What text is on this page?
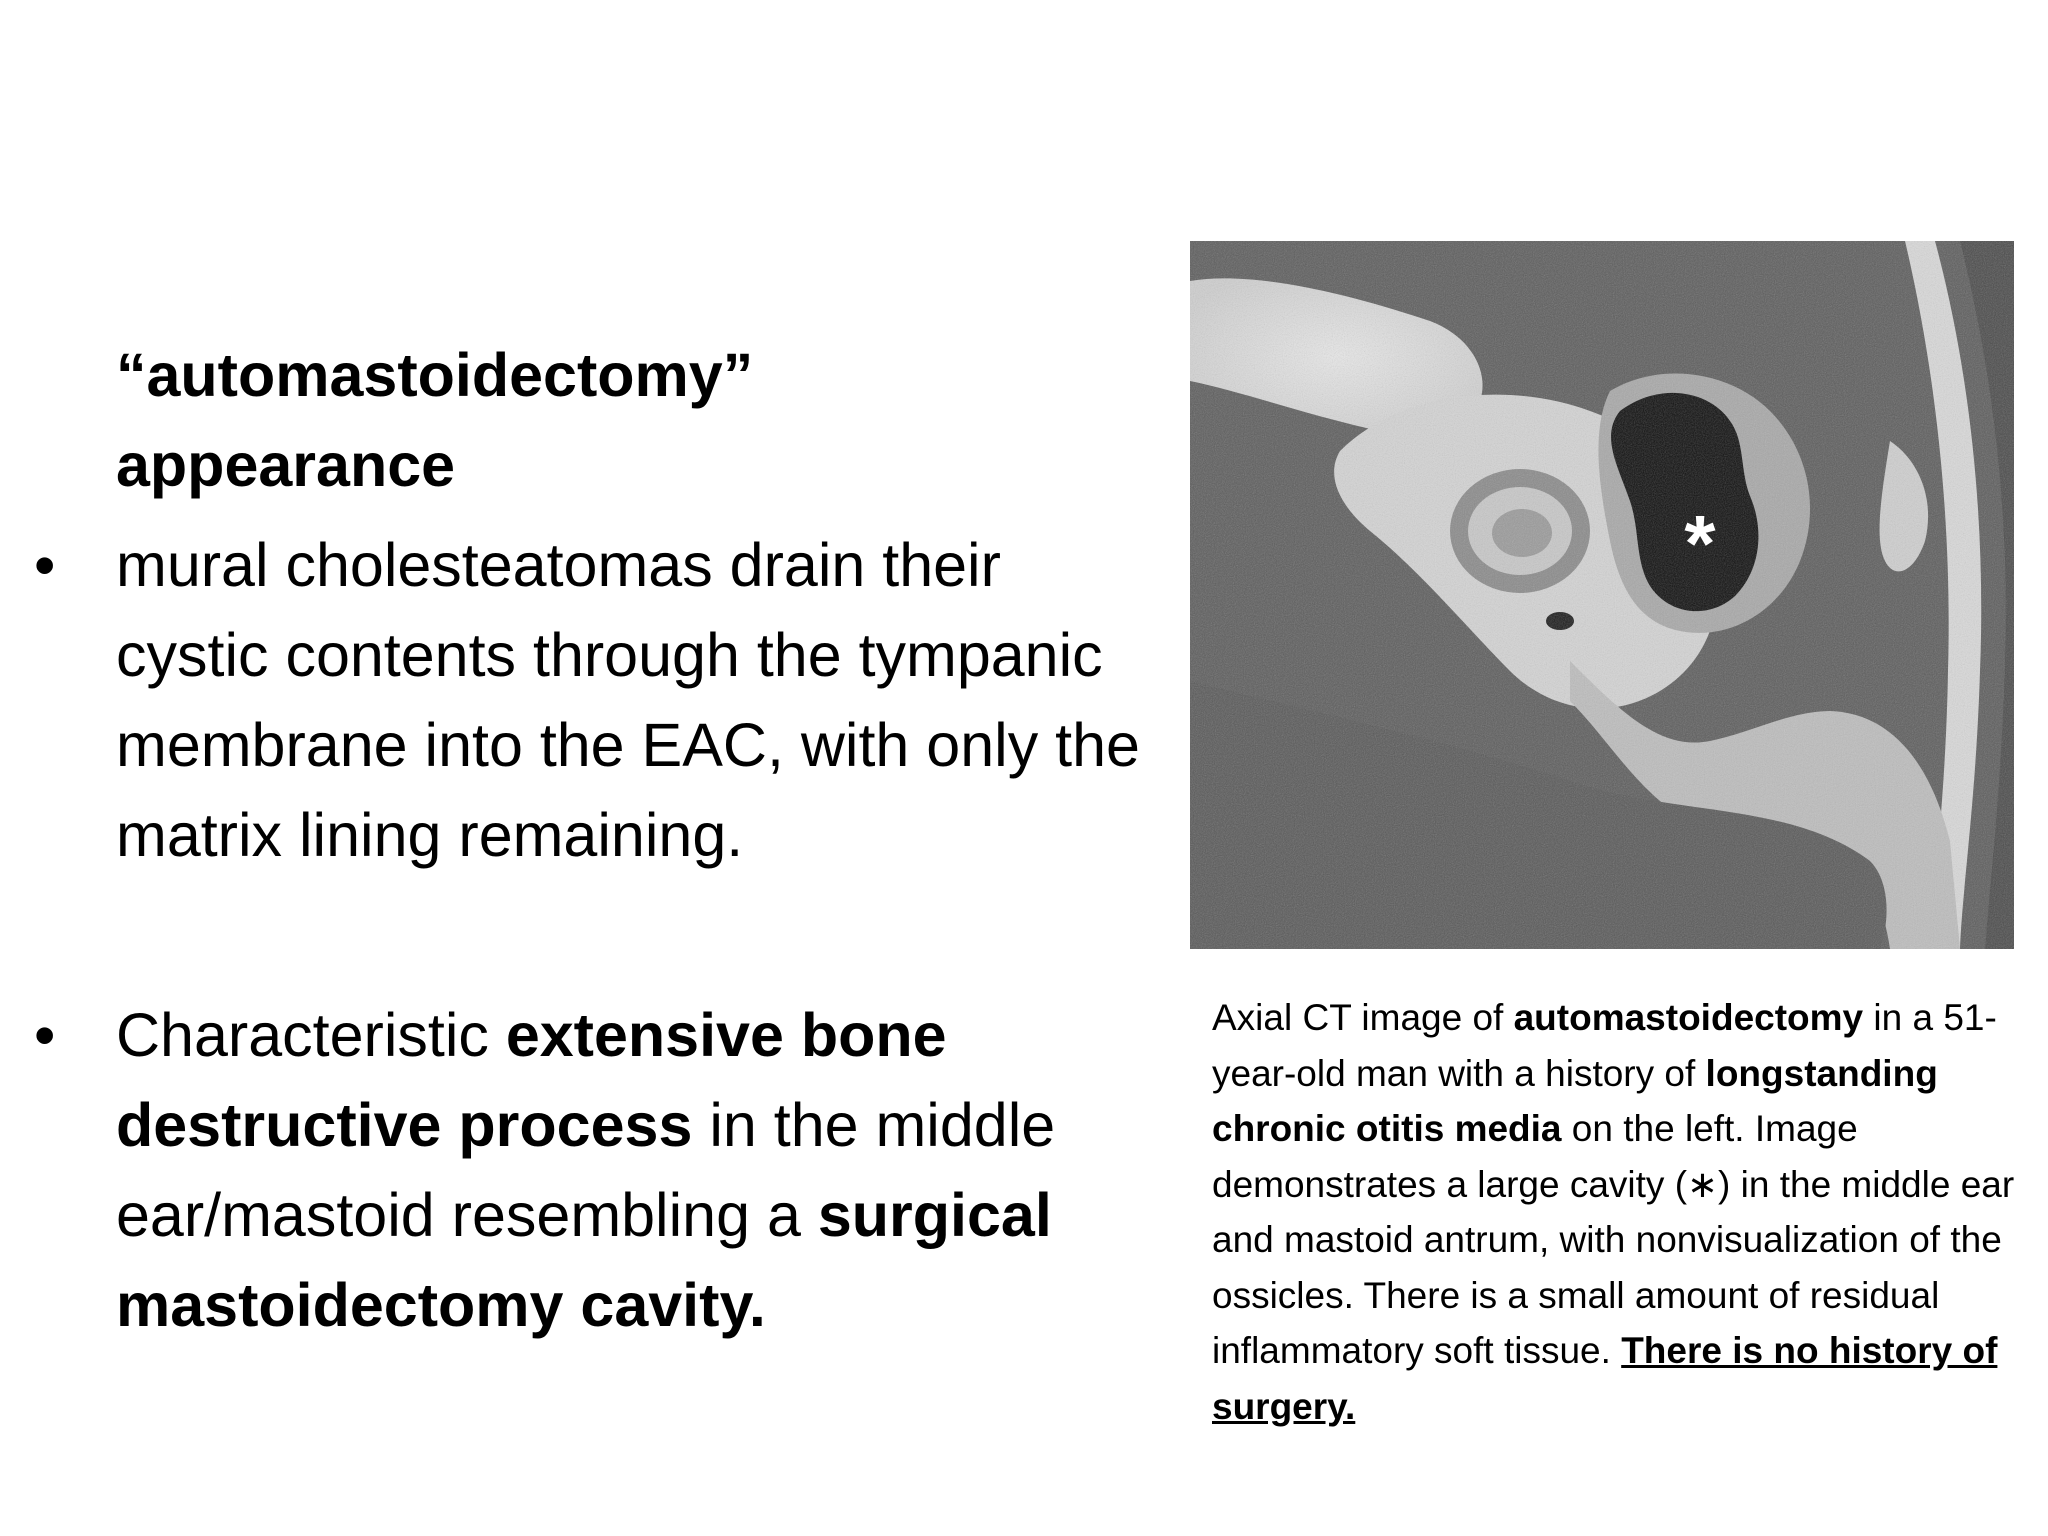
“automastoidectomy”
appearance

• mural cholesteatomas drain their cystic contents through the tympanic membrane into the EAC, with only the matrix lining remaining.

• Characteristic extensive bone destructive process in the middle ear/mastoid resembling a surgical mastoidectomy cavity.

*

Axial CT image of automastoidectomy in a 51-year-old man with a history of longstanding chronic otitis media on the left. Image demonstrates a large cavity (∗) in the middle ear and mastoid antrum, with nonvisualization of the ossicles. There is a small amount of residual inflammatory soft tissue. There is no history of surgery.
